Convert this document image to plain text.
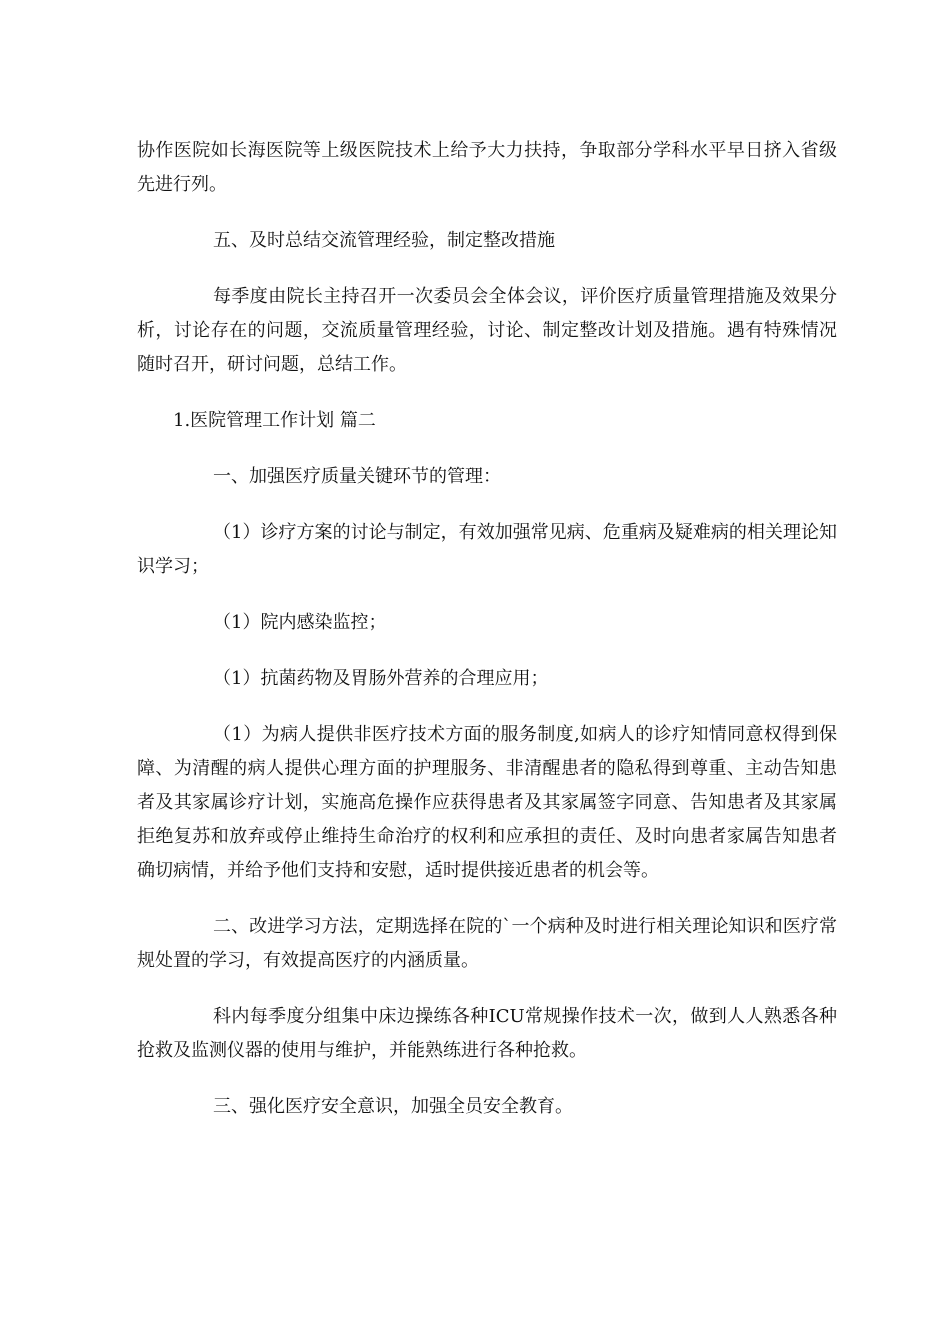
协作医院如长海医院等上级医院技术上给予大力扶持，争取部分学科水平早日挤入省级先进行列。

五、及时总结交流管理经验，制定整改措施

每季度由院长主持召开一次委员会全体会议，评价医疗质量管理措施及效果分析，讨论存在的问题，交流质量管理经验，讨论、制定整改计划及措施。遇有特殊情况随时召开，研讨问题，总结工作。

1.医院管理工作计划 篇二

一、加强医疗质量关键环节的管理：

（1）诊疗方案的讨论与制定，有效加强常见病、危重病及疑难病的相关理论知识学习；

（1）院内感染监控；

（1）抗菌药物及胃肠外营养的合理应用；

（1）为病人提供非医疗技术方面的服务制度,如病人的诊疗知情同意权得到保障、为清醒的病人提供心理方面的护理服务、非清醒患者的隐私得到尊重、主动告知患者及其家属诊疗计划，实施高危操作应获得患者及其家属签字同意、告知患者及其家属拒绝复苏和放弃或停止维持生命治疗的权利和应承担的责任、及时向患者家属告知患者确切病情，并给予他们支持和安慰，适时提供接近患者的机会等。

二、改进学习方法，定期选择在院的`一个病种及时进行相关理论知识和医疗常规处置的学习，有效提高医疗的内涵质量。

科内每季度分组集中床边操练各种ICU常规操作技术一次，做到人人熟悉各种抢救及监测仪器的使用与维护，并能熟练进行各种抢救。

三、强化医疗安全意识，加强全员安全教育。
